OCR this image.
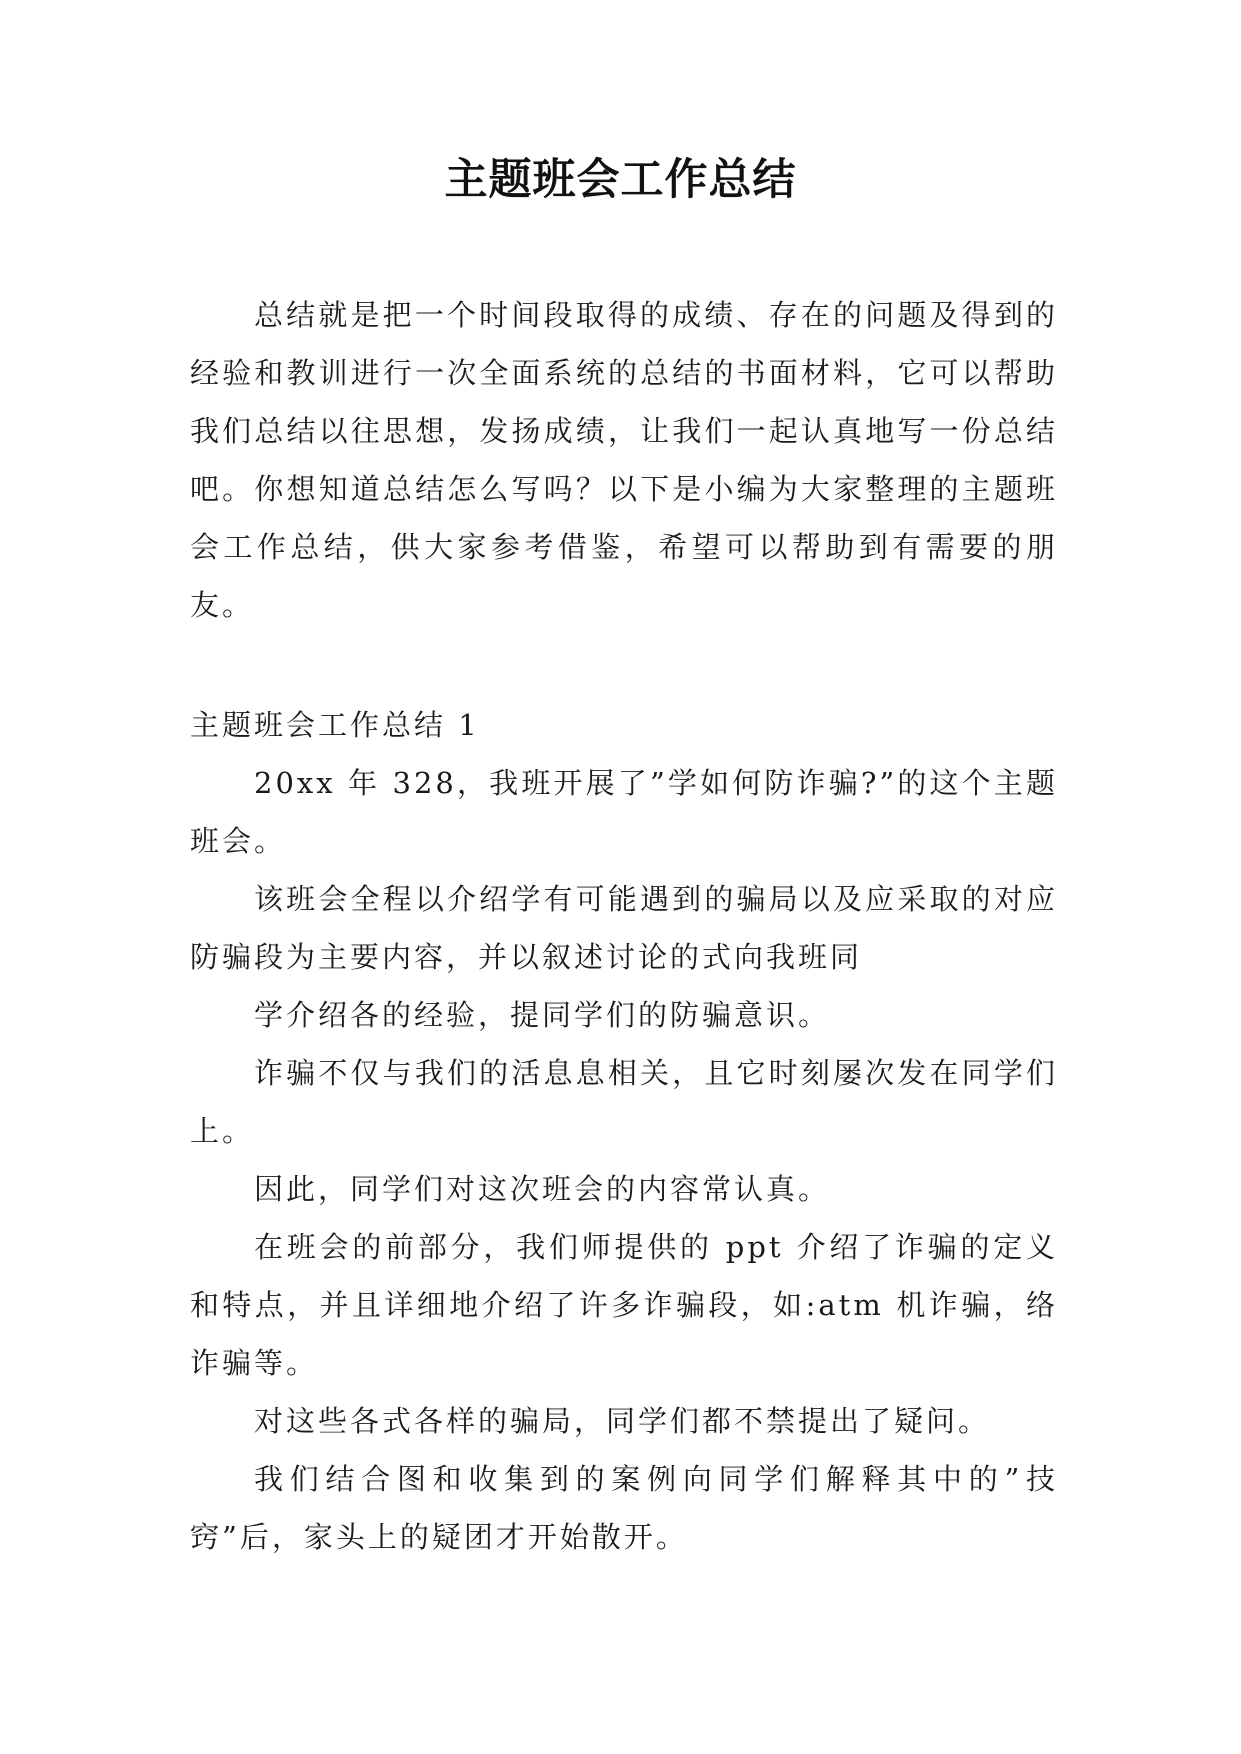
主题班会工作总结

总结就是把一个时间段取得的成绩、存在的问题及得到的经验和教训进行一次全面系统的总结的书面材料，它可以帮助我们总结以往思想，发扬成绩，让我们一起认真地写一份总结吧。你想知道总结怎么写吗？以下是小编为大家整理的主题班会工作总结，供大家参考借鉴，希望可以帮助到有需要的朋友。

主题班会工作总结 1

20xx 年 328，我班开展了”学如何防诈骗?”的这个主题班会。

该班会全程以介绍学有可能遇到的骗局以及应采取的对应防骗段为主要内容，并以叙述讨论的式向我班同

学介绍各的经验，提同学们的防骗意识。

诈骗不仅与我们的活息息相关，且它时刻屡次发在同学们上。

因此，同学们对这次班会的内容常认真。

在班会的前部分，我们师提供的 ppt 介绍了诈骗的定义和特点，并且详细地介绍了许多诈骗段，如:atm 机诈骗，络诈骗等。

对这些各式各样的骗局，同学们都不禁提出了疑问。

我们结合图和收集到的案例向同学们解释其中的”技窍”后，家头上的疑团才开始散开。
